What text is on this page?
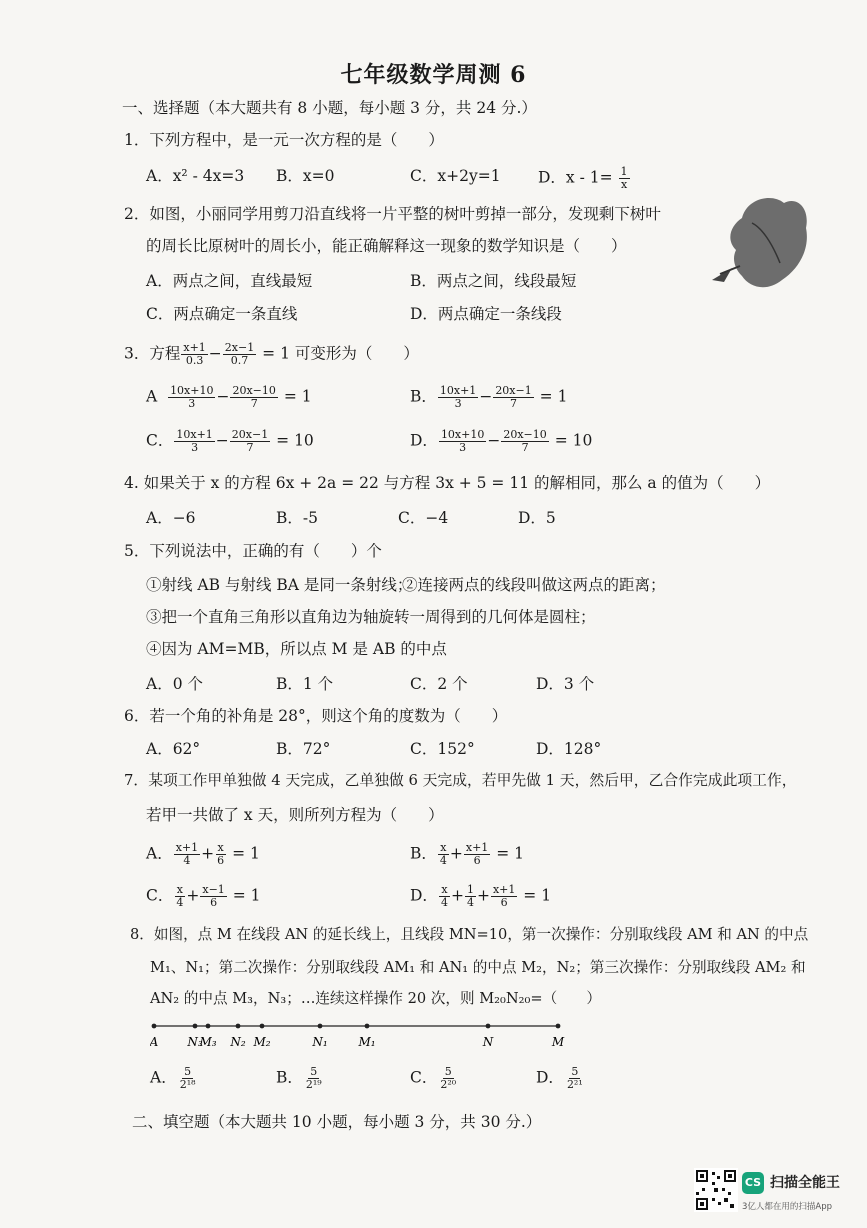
七年级数学周测 6
一、选择题（本大题共有 8 小题，每小题 3 分，共 24 分.）
1．下列方程中，是一元一次方程的是（　　）
A．x² - 4x=3 B．x=0	C．x+2y=1 D．$x - 1= \frac{1}{x}$
2．如图，小丽同学用剪刀沿直线将一片平整的树叶剪掉一部分，发现剩下树叶
的周长比原树叶的周长小，能正确解释这一现象的数学知识是（　　）
A．两点之间，直线最短	B．两点之间，线段最短
C．两点确定一条直线	D．两点确定一条线段
3．方程 $\frac{x+1}{0.3} - \frac{2x-1}{0.7} = 1$ 可变形为（　　）
A $\frac{10x+10}{3} - \frac{20x-10}{7} = 1$	B． $\frac{10x+1}{3} - \frac{20x-1}{7} = 1$
C． $\frac{10x+1}{3} - \frac{20x-1}{7} = 10$	D． $\frac{10x+10}{3} - \frac{20x-10}{7} = 10$
4. 如果关于 x 的方程 6x + 2a = 22 与方程 3x + 5 = 11 的解相同，那么 a 的值为（　　）
A．−6	B．-5	C．−4	D．5
5．下列说法中，正确的有（　　）个
①射线 AB 与射线 BA 是同一条射线；
②连接两点的线段叫做这两点的距离；
③把一个直角三角形以直角边为轴旋转一周得到的几何体是圆柱；
④因为 AM=MB，所以点 M 是 AB 的中点
A．0 个	B．1 个	C．2 个	D．3 个
6．若一个角的补角是 28°，则这个角的度数为（　　）
A．62°	B．72°	C．152°	D．128°
7．某项工作甲单独做 4 天完成，乙单独做 6 天完成，若甲先做 1 天，然后甲，乙合作完成此项工作，
若甲一共做了 x 天，则所列方程为（　　）
A． $\frac{x+1}{4} + \frac{x}{6} = 1$	B． $\frac{x}{4} + \frac{x+1}{6} = 1$
C． $\frac{x}{4} + \frac{x-1}{6} = 1$	D． $\frac{x}{4} + \frac{1}{4} + \frac{x+1}{6} = 1$
8．如图，点 M 在线段 AN 的延长线上，且线段 MN=10，第一次操作：分别取线段 AM 和 AN 的中点
M₁、N₁；第二次操作：分别取线段 AM₁ 和 AN₁ 的中点 M₂，N₂；第三次操作：分别取线段 AM₂ 和
AN₂ 的中点 M₃，N₃；…连续这样操作 20 次，则 M₂₀N₂₀=（　　）
A N₃
M₃ N₂ M₂	N₁	M₁	N	M
A． $\frac{5}{\text{2¹⁸}}$	B． $\frac{5}{\text{2¹⁹}}$	C． $\frac{5}{\text{2²⁰}}$	D． $\frac{5}{\text{2²¹}}$
二、填空题（本大题共 10 小题，每小题 3 分，共 30 分.）
CS 扫描全能王
3亿人都在用的扫描App
